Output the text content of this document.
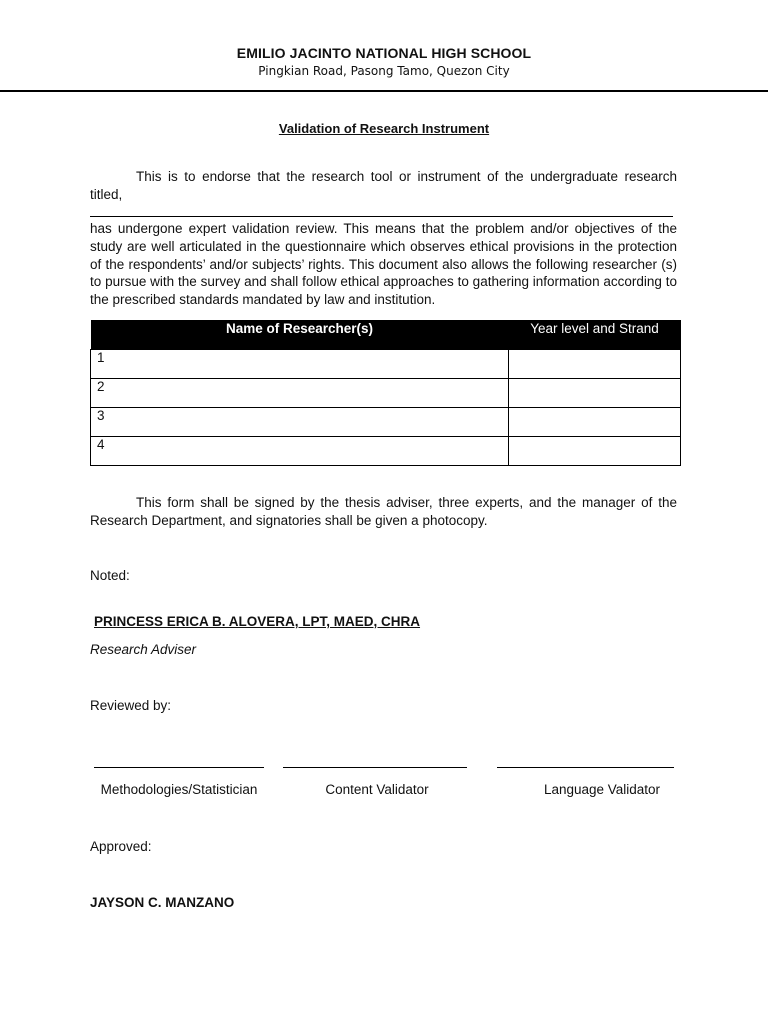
EMILIO JACINTO NATIONAL HIGH SCHOOL
Pingkian Road, Pasong Tamo, Quezon City
Validation of Research Instrument
This is to endorse that the research tool or instrument of the undergraduate research titled,
has undergone expert validation review. This means that the problem and/or objectives of the study are well articulated in the questionnaire which observes ethical provisions in the protection of the respondents’ and/or subjects’ rights. This document also allows the following researcher (s) to pursue with the survey and shall follow ethical approaches to gathering information according to the prescribed standards mandated by law and institution.
Name of Researcher(s)	Year level and Strand
1	
2	
3	
4	
This form shall be signed by the thesis adviser, three experts, and the manager of the Research Department, and signatories shall be given a photocopy.
Noted:
PRINCESS ERICA B. ALOVERA, LPT, MAED, CHRA
Research Adviser
Reviewed by:
Methodologies/Statistician	Content Validator	Language Validator
Approved:
JAYSON C. MANZANO
